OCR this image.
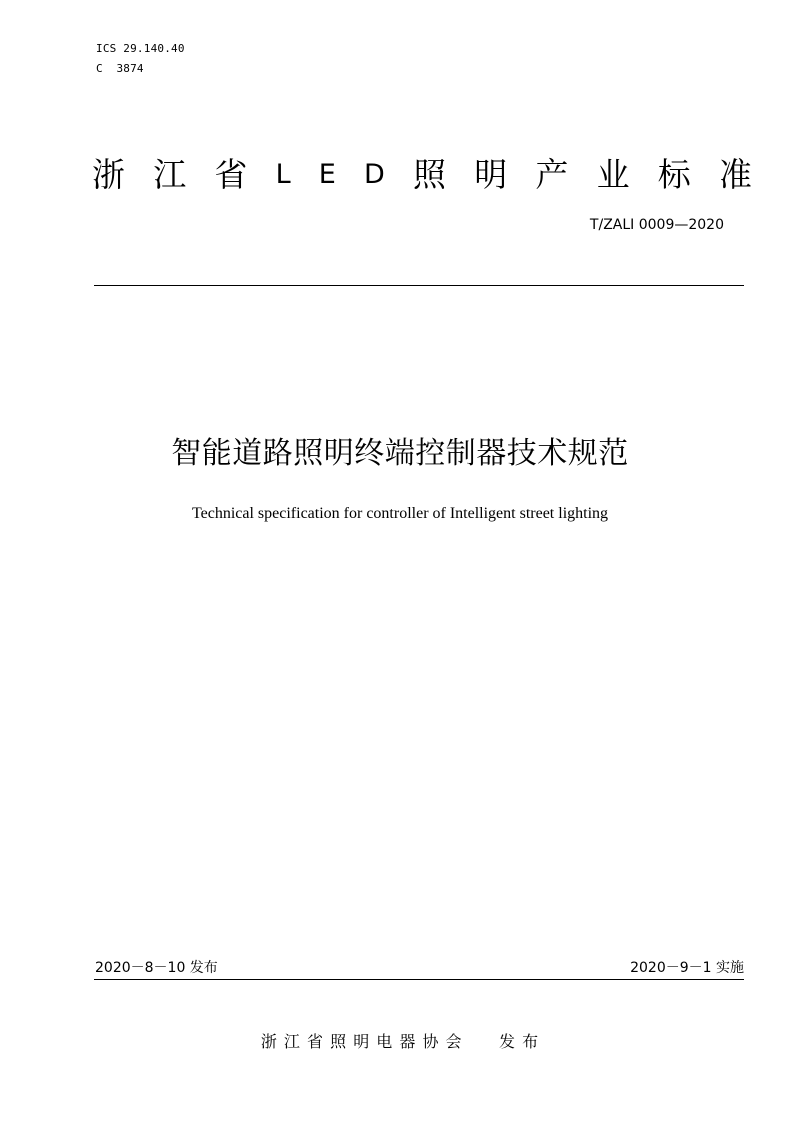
ICS 29.140.40
C  3874
浙 江 省 L E D 照 明 产 业 标 准
T/ZALI 0009—2020
智能道路照明终端控制器技术规范
Technical specification for controller of Intelligent street lighting
2020－8－10 发布	2020－9－1 实施
浙 江 省 照 明 电 器 协 会      发 布
